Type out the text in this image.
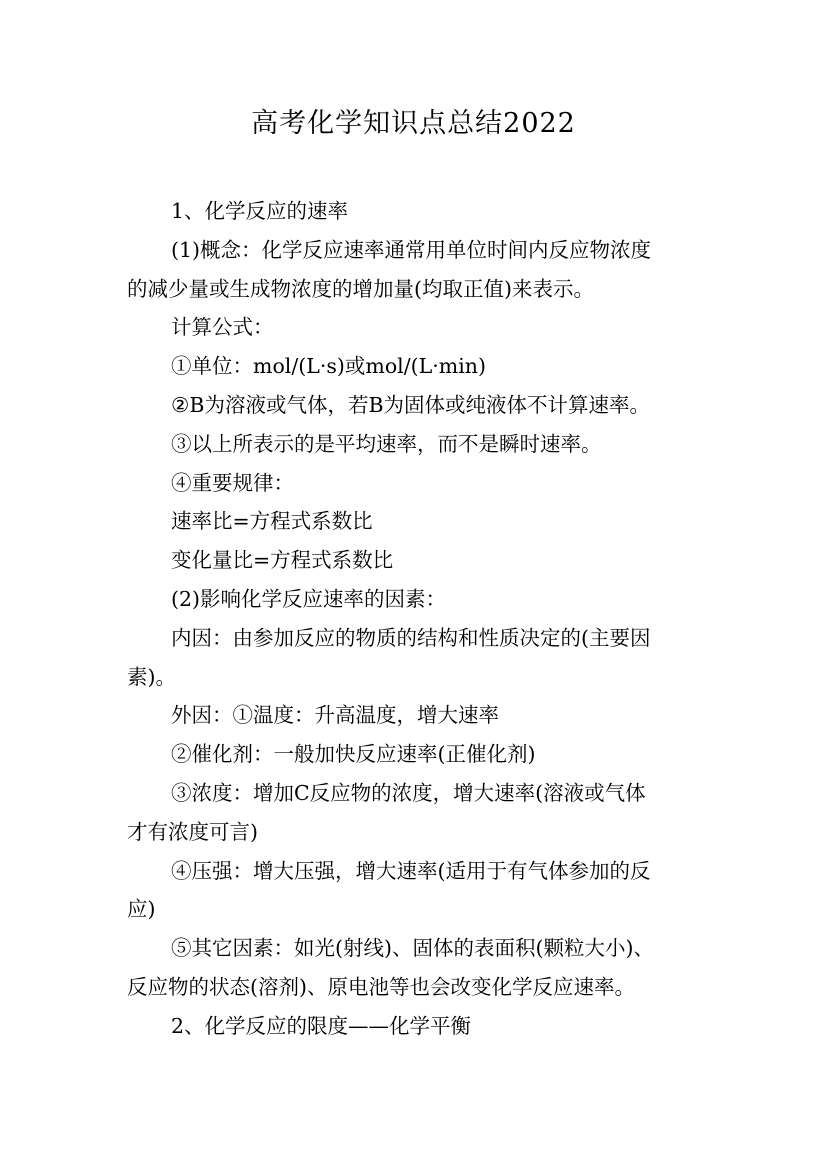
高考化学知识点总结2022
1、化学反应的速率
(1)概念：化学反应速率通常用单位时间内反应物浓度
的减少量或生成物浓度的增加量(均取正值)来表示。
计算公式：
①单位：mol/(L·s)或mol/(L·min)
②B为溶液或气体，若B为固体或纯液体不计算速率。
③以上所表示的是平均速率，而不是瞬时速率。
④重要规律：
速率比=方程式系数比
变化量比=方程式系数比
(2)影响化学反应速率的因素：
内因：由参加反应的物质的结构和性质决定的(主要因
素)。
外因：①温度：升高温度，增大速率
②催化剂：一般加快反应速率(正催化剂)
③浓度：增加C反应物的浓度，增大速率(溶液或气体
才有浓度可言)
④压强：增大压强，增大速率(适用于有气体参加的反
应)
⑤其它因素：如光(射线)、固体的表面积(颗粒大小)、
反应物的状态(溶剂)、原电池等也会改变化学反应速率。
2、化学反应的限度——化学平衡
